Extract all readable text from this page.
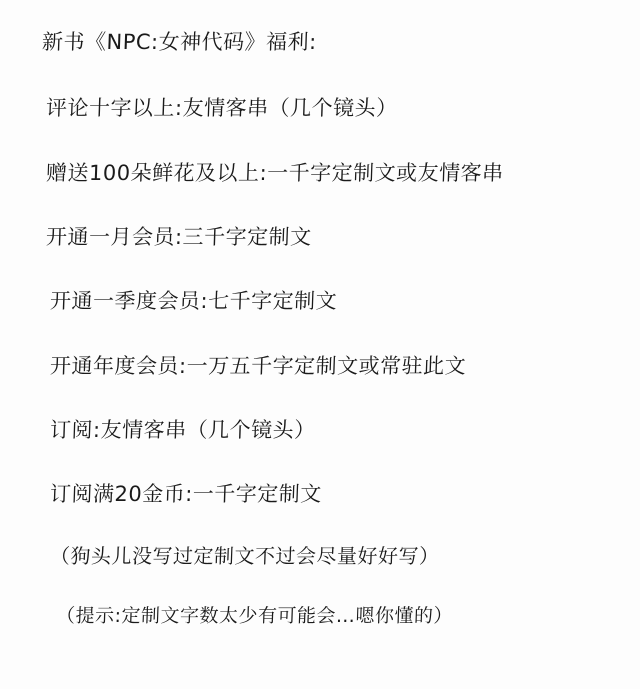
新书《NPC:女神代码》福利:
评论十字以上:友情客串（几个镜头）
赠送100朵鲜花及以上:一千字定制文或友情客串
开通一月会员:三千字定制文
开通一季度会员:七千字定制文
开通年度会员:一万五千字定制文或常驻此文
订阅:友情客串（几个镜头）
订阅满20金币:一千字定制文
（狗头儿没写过定制文不过会尽量好好写）
（提示:定制文字数太少有可能会…嗯你懂的）
